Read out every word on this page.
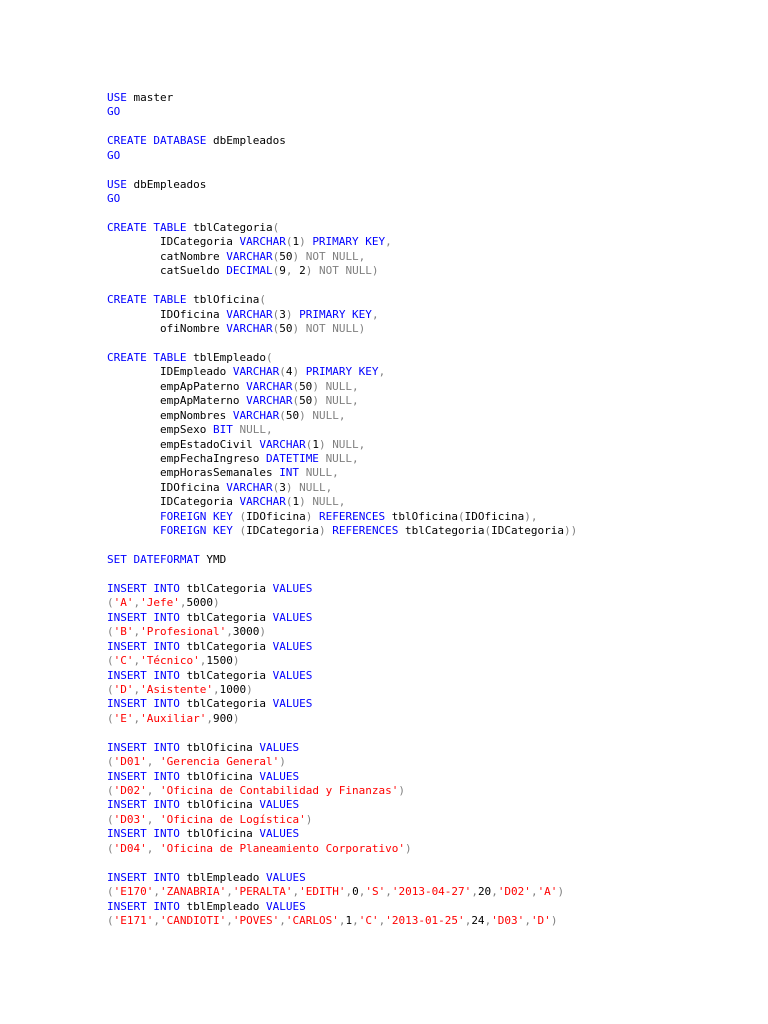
USE master
GO
CREATE DATABASE dbEmpleados
GO
USE dbEmpleados
GO
CREATE TABLE tblCategoria(
IDCategoria VARCHAR(1) PRIMARY KEY,
catNombre VARCHAR(50) NOT NULL,
catSueldo DECIMAL(9, 2) NOT NULL)
CREATE TABLE tblOficina(
IDOficina VARCHAR(3) PRIMARY KEY,
ofiNombre VARCHAR(50) NOT NULL)
CREATE TABLE tblEmpleado(
IDEmpleado VARCHAR(4) PRIMARY KEY,
empApPaterno VARCHAR(50) NULL,
empApMaterno VARCHAR(50) NULL,
empNombres VARCHAR(50) NULL,
empSexo BIT NULL,
empEstadoCivil VARCHAR(1) NULL,
empFechaIngreso DATETIME NULL,
empHorasSemanales INT NULL,
IDOficina VARCHAR(3) NULL,
IDCategoria VARCHAR(1) NULL,
FOREIGN KEY (IDOficina) REFERENCES tblOficina(IDOficina),
FOREIGN KEY (IDCategoria) REFERENCES tblCategoria(IDCategoria))
SET DATEFORMAT YMD
INSERT INTO tblCategoria VALUES
('A','Jefe',5000)
INSERT INTO tblCategoria VALUES
('B','Profesional',3000)
INSERT INTO tblCategoria VALUES
('C','Técnico',1500)
INSERT INTO tblCategoria VALUES
('D','Asistente',1000)
INSERT INTO tblCategoria VALUES
('E','Auxiliar',900)
INSERT INTO tblOficina VALUES
('D01', 'Gerencia General')
INSERT INTO tblOficina VALUES
('D02', 'Oficina de Contabilidad y Finanzas')
INSERT INTO tblOficina VALUES
('D03', 'Oficina de Logística')
INSERT INTO tblOficina VALUES
('D04', 'Oficina de Planeamiento Corporativo')
INSERT INTO tblEmpleado VALUES
('E170','ZANABRIA','PERALTA','EDITH',0,'S','2013-04-27',20,'D02','A')
INSERT INTO tblEmpleado VALUES
('E171','CANDIOTI','POVES','CARLOS',1,'C','2013-01-25',24,'D03','D')
